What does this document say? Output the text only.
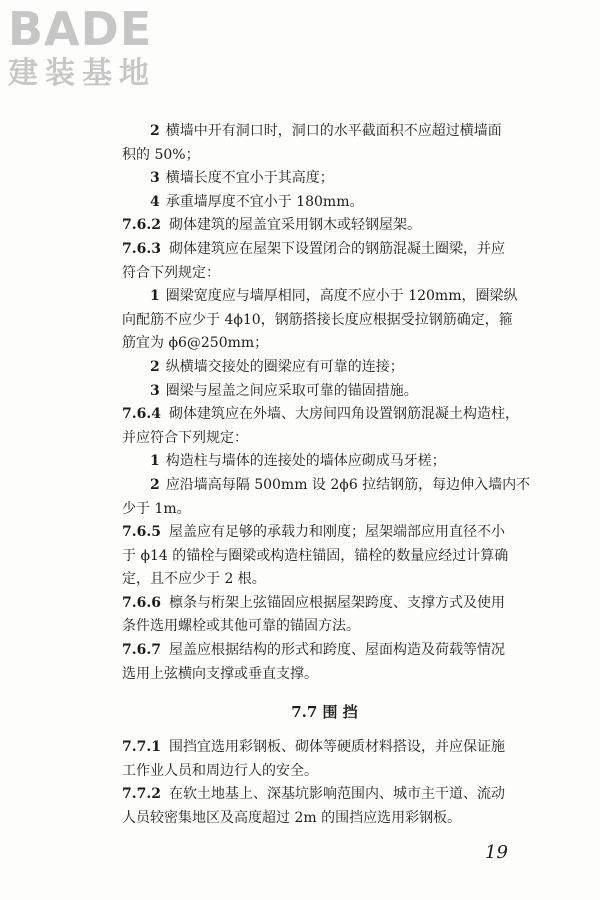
BADE
建装基地
2 横墙中开有洞口时，洞口的水平截面积不应超过横墙面
积的 50%；
3 横墙长度不宜小于其高度；
4 承重墙厚度不宜小于 180mm。
7.6.2 砌体建筑的屋盖宜采用钢木或轻钢屋架。
7.6.3 砌体建筑应在屋架下设置闭合的钢筋混凝土圈梁，并应
符合下列规定：
1 圈梁宽度应与墙厚相同，高度不应小于 120mm，圈梁纵
向配筋不应少于 4ϕ10，钢筋搭接长度应根据受拉钢筋确定，箍
筋宜为 ϕ6@250mm；
2 纵横墙交接处的圈梁应有可靠的连接；
3 圈梁与屋盖之间应采取可靠的锚固措施。
7.6.4 砌体建筑应在外墙、大房间四角设置钢筋混凝土构造柱，
并应符合下列规定：
1 构造柱与墙体的连接处的墙体应砌成马牙槎；
2 应沿墙高每隔 500mm 设 2ϕ6 拉结钢筋，每边伸入墙内不
少于 1m。
7.6.5 屋盖应有足够的承载力和刚度；屋架端部应用直径不小
于 ϕ14 的锚栓与圈梁或构造柱锚固，锚栓的数量应经过计算确
定，且不应少于 2 根。
7.6.6 檩条与桁架上弦锚固应根据屋架跨度、支撑方式及使用
条件选用螺栓或其他可靠的锚固方法。
7.6.7 屋盖应根据结构的形式和跨度、屋面构造及荷载等情况
选用上弦横向支撑或垂直支撑。
7.7 围 挡
7.7.1 围挡宜选用彩钢板、砌体等硬质材料搭设，并应保证施
工作业人员和周边行人的安全。
7.7.2 在软土地基上、深基坑影响范围内、城市主干道、流动
人员较密集地区及高度超过 2m 的围挡应选用彩钢板。
19
